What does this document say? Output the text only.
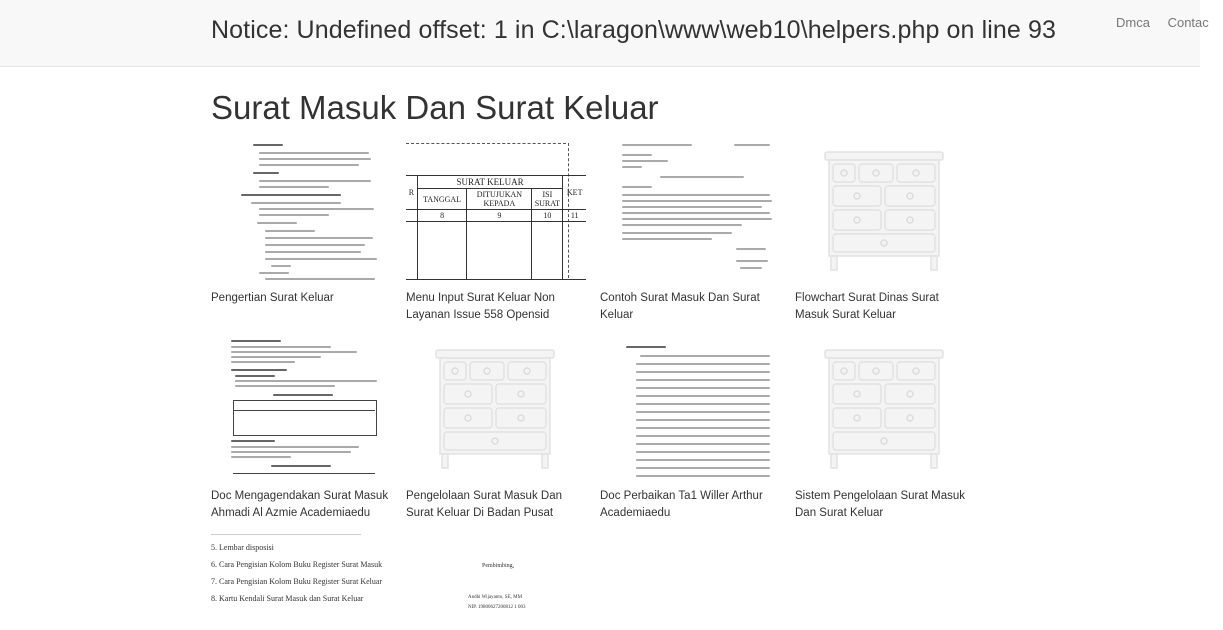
Notice: Undefined offset: 1 in C:\laragon\www\web10\helpers.php on line 93	Dmca Contac
Surat Masuk Dan Surat Keluar
Pengertian Surat Keluar
R	SURAT KELUAR			KET
	TANGGAL	DITUJUKAN KEPADA	ISI SURAT	
	8	9	10	11

Menu Input Surat Keluar Non Layanan Issue 558 Opensid
Contoh Surat Masuk Dan Surat Keluar
Flowchart Surat Dinas Surat Masuk Surat Keluar
Doc Mengagendakan Surat Masuk Ahmadi Al Azmie Academiaedu
Pengelolaan Surat Masuk Dan Surat Keluar Di Badan Pusat
Doc Perbaikan Ta1 Willer Arthur Academiaedu
Sistem Pengelolaan Surat Masuk Dan Surat Keluar
5. Lembar disposisi
6. Cara Pengisian Kolom Buku Register Surat Masuk
7. Cara Pengisian Kolom Buku Register Surat Keluar
8. Kartu Kendali Surat Masuk dan Surat Keluar
Pembimbing,
Andhi Wijayanto, SE, MM
NIP. 19800627200812 1 003
